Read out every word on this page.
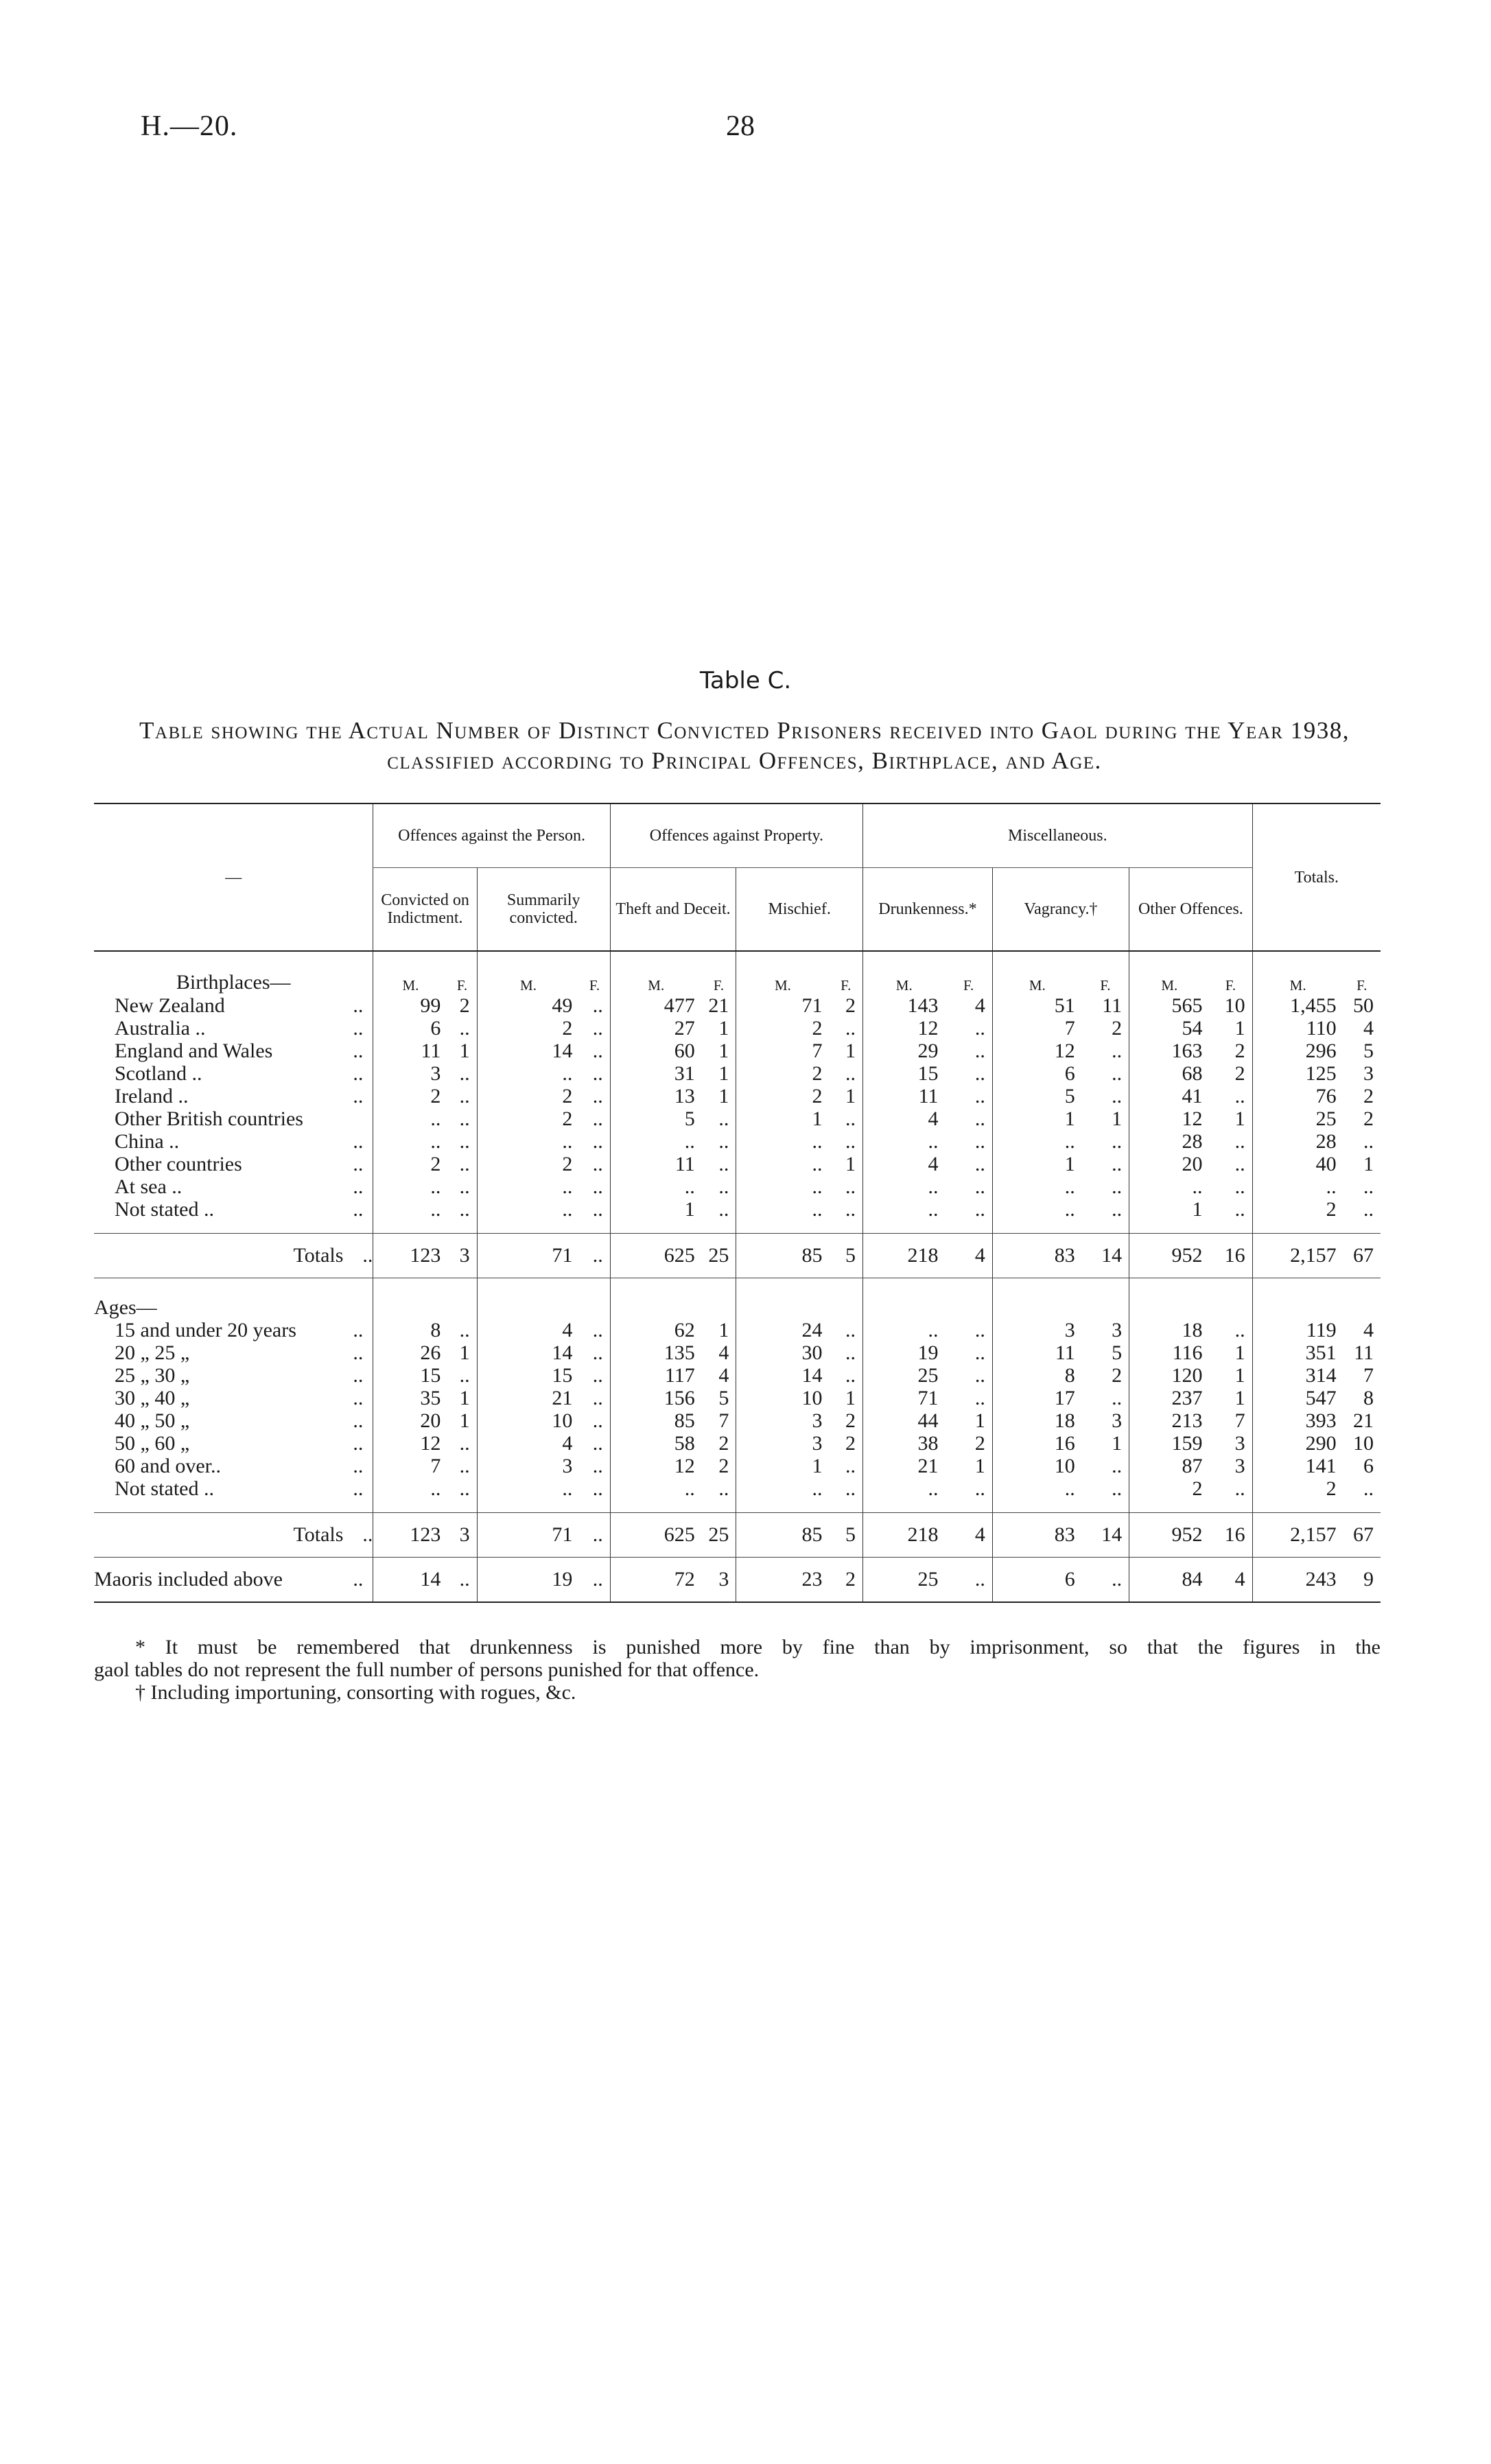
H.—20.	28
Table C.
Table showing the Actual Number of Distinct Convicted Prisoners received into Gaol during the Year 1938, classified according to Principal Offences, Birthplace, and Age.
—	Offences against the Person.				Offences against Property.				Miscellaneous.						Totals.	
	Convicted on Indictment.		Summarily convicted.		Theft and Deceit.		Mischief.		Drunkenness.*		Vagrancy.†		Other Offences.			
Birthplaces—	M.	F.	M.	F.	M.	F.	M.	F.	M.	F.	M.	F.	M.	F.	M.	F.
New Zealand ..	99	2	49	..	477	21	71	2	143	4	51	11	565	10	1,455	50
Australia .. ..	6	..	2	..	27	1	2	..	12	..	7	2	54	1	110	4
England and Wales ..	11	1	14	..	60	1	7	1	29	..	12	..	163	2	296	5
Scotland .. ..	3	..	..	..	31	1	2	..	15	..	6	..	68	2	125	3
Ireland .. ..	2	..	2	..	13	1	2	1	11	..	5	..	41	..	76	2
Other British countries	..	..	2	..	5	..	1	..	4	..	1	1	12	1	25	2
China .. ..	..	..	..	..	..	..	..	..	..	..	..	..	28	..	28	..
Other countries ..	2	..	2	..	11	..	..	1	4	..	1	..	20	..	40	1
At sea .. ..	..	..	..	..	..	..	..	..	..	..	..	..	..	..	..	..
Not stated .. ..	..	..	..	..	1	..	..	..	..	..	..	..	1	..	2	..

Totals ..	123	3	71	..	625	25	85	5	218	4	83	14	952	16	2,157	67

Ages—																
15 and under 20 years ..	8	..	4	..	62	1	24	..	..	..	3	3	18	..	119	4
20 „ 25 „ ..	26	1	14	..	135	4	30	..	19	..	11	5	116	1	351	11
25 „ 30 „ ..	15	..	15	..	117	4	14	..	25	..	8	2	120	1	314	7
30 „ 40 „ ..	35	1	21	..	156	5	10	1	71	..	17	..	237	1	547	8
40 „ 50 „ ..	20	1	10	..	85	7	3	2	44	1	18	3	213	7	393	21
50 „ 60 „ ..	12	..	4	..	58	2	3	2	38	2	16	1	159	3	290	10
60 and over.. ..	7	..	3	..	12	2	1	..	21	1	10	..	87	3	141	6
Not stated .. ..	..	..	..	..	..	..	..	..	..	..	..	..	2	..	2	..

Totals ..	123	3	71	..	625	25	85	5	218	4	83	14	952	16	2,157	67
Maoris included above ..	14	..	19	..	72	3	23	2	25	..	6	..	84	4	243	9
* It must be remembered that drunkenness is punished more by fine than by imprisonment, so that the figures in the
gaol tables do not represent the full number of persons punished for that offence.
† Including importuning, consorting with rogues, &c.
